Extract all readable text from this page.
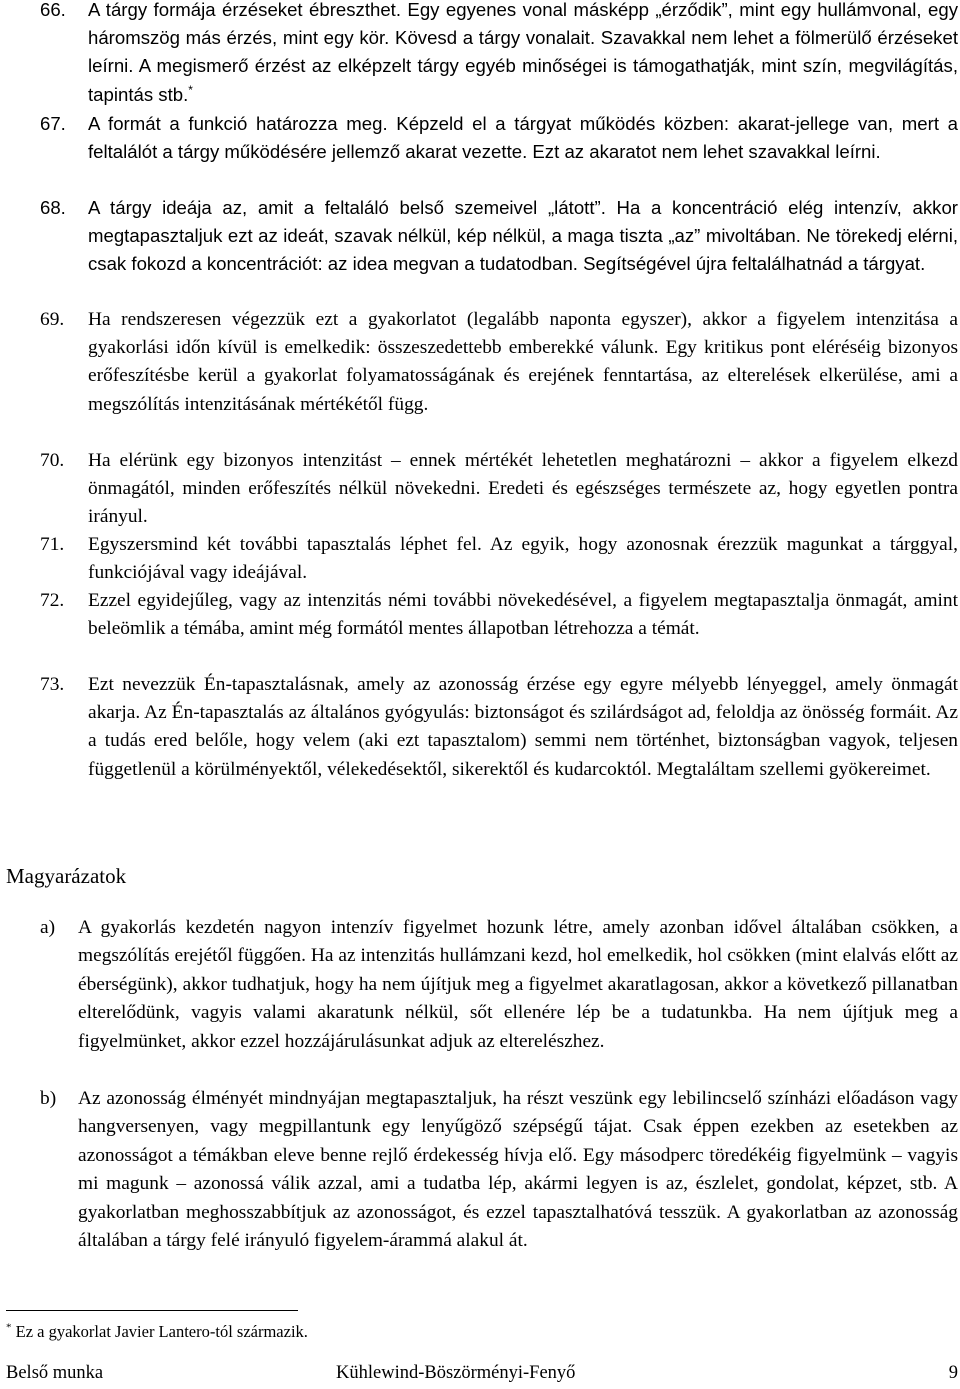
66. A tárgy formája érzéseket ébreszthet. Egy egyenes vonal másképp „érződik”, mint egy hullámvonal, egy háromszög más érzés, mint egy kör. Kövesd a tárgy vonalait. Szavakkal nem lehet a fölmerülő érzéseket leírni. A megismerő érzést az elképzelt tárgy egyéb minőségei is támogathatják, mint szín, megvilágítás, tapintás stb.*
67. A formát a funkció határozza meg. Képzeld el a tárgyat működés közben: akarat-jellege van, mert a feltalálót a tárgy működésére jellemző akarat vezette. Ezt az akaratot nem lehet szavakkal leírni.
68. A tárgy ideája az, amit a feltaláló belső szemeivel „látott”. Ha a koncentráció elég intenzív, akkor megtapasztaljuk ezt az ideát, szavak nélkül, kép nélkül, a maga tiszta „az” mivoltában. Ne törekedj elérni, csak fokozd a koncentrációt: az idea megvan a tudatodban. Segítségével újra feltalálhatnád a tárgyat.
69. Ha rendszeresen végezzük ezt a gyakorlatot (legalább naponta egyszer), akkor a figyelem intenzitása a gyakorlási időn kívül is emelkedik: összeszedettebb emberekké válunk. Egy kritikus pont eléréséig bizonyos erőfeszítésbe kerül a gyakorlat folyamatosságának és erejének fenntartása, az elterelések elkerülése, ami a megszólítás intenzitásának mértékétől függ.
70. Ha elérünk egy bizonyos intenzitást – ennek mértékét lehetetlen meghatározni – akkor a figyelem elkezd önmagától, minden erőfeszítés nélkül növekedni. Eredeti és egészséges természete az, hogy egyetlen pontra irányul.
71. Egyszersmind két további tapasztalás léphet fel. Az egyik, hogy azonosnak érezzük magunkat a tárggyal, funkciójával vagy ideájával.
72. Ezzel egyidejűleg, vagy az intenzitás némi további növekedésével, a figyelem megtapasztalja önmagát, amint beleömlik a témába, amint még formától mentes állapotban létrehozza a témát.
73. Ezt nevezzük Én-tapasztalásnak, amely az azonosság érzése egy egyre mélyebb lényeggel, amely önmagát akarja. Az Én-tapasztalás az általános gyógyulás: biztonságot és szilárdságot ad, feloldja az önösség formáit. Az a tudás ered belőle, hogy velem (aki ezt tapasztalom) semmi nem történhet, biztonságban vagyok, teljesen függetlenül a körülményektől, vélekedésektől, sikerektől és kudarcoktól. Megtaláltam szellemi gyökereimet.
Magyarázatok
a) A gyakorlás kezdetén nagyon intenzív figyelmet hozunk létre, amely azonban idővel általában csökken, a megszólítás erejétől függően. Ha az intenzitás hullámzani kezd, hol emelkedik, hol csökken (mint elalvás előtt az éberségünk), akkor tudhatjuk, hogy ha nem újítjuk meg a figyelmet akaratlagosan, akkor a következő pillanatban elterelődünk, vagyis valami akaratunk nélkül, sőt ellenére lép be a tudatunkba. Ha nem újítjuk meg a figyelmünket, akkor ezzel hozzájárulásunkat adjuk az elterelészhez.
b) Az azonosság élményét mindnyájan megtapasztaljuk, ha részt veszünk egy lebilincselő színházi előadáson vagy hangversenyen, vagy megpillantunk egy lenyűgöző szépségű tájat. Csak éppen ezekben az esetekben az azonosságot a témákban eleve benne rejlő érdekesség hívja elő. Egy másodperc töredékéig figyelmünk – vagyis mi magunk – azonossá válik azzal, ami a tudatba lép, akármi legyen is az, észlelet, gondolat, képzet, stb. A gyakorlatban meghosszabbítjuk az azonosságot, és ezzel tapasztalhatóvá tesszük. A gyakorlatban az azonosság általában a tárgy felé irányuló figyelem-árammá alakul át.
* Ez a gyakorlat Javier Lantero-tól származik.
Belső munka	Kühlewind-Böszörményi-Fenyő	9
